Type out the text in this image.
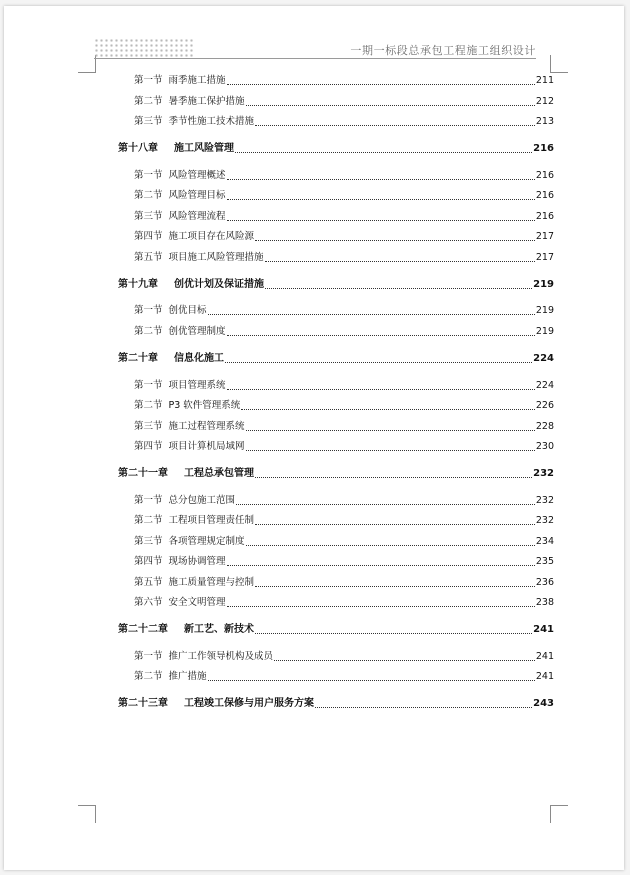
一期一标段总承包工程施工组织设计
第一节 雨季施工措施	211
第二节 暑季施工保护措施	212
第三节 季节性施工技术措施	213
第十八章 施工风险管理	216
第一节 风险管理概述	216
第二节 风险管理目标	216
第三节 风险管理流程	216
第四节 施工项目存在风险源	217
第五节 项目施工风险管理措施	217
第十九章 创优计划及保证措施	219
第一节 创优目标	219
第二节 创优管理制度	219
第二十章 信息化施工	224
第一节 项目管理系统	224
第二节 P3 软件管理系统	226
第三节 施工过程管理系统	228
第四节 项目计算机局域网	230
第二十一章 工程总承包管理	232
第一节 总分包施工范围	232
第二节 工程项目管理责任制	232
第三节 各项管理规定制度	234
第四节 现场协调管理	235
第五节 施工质量管理与控制	236
第六节 安全文明管理	238
第二十二章 新工艺、新技术	241
第一节 推广工作领导机构及成员	241
第二节 推广措施	241
第二十三章 工程竣工保修与用户服务方案	243
